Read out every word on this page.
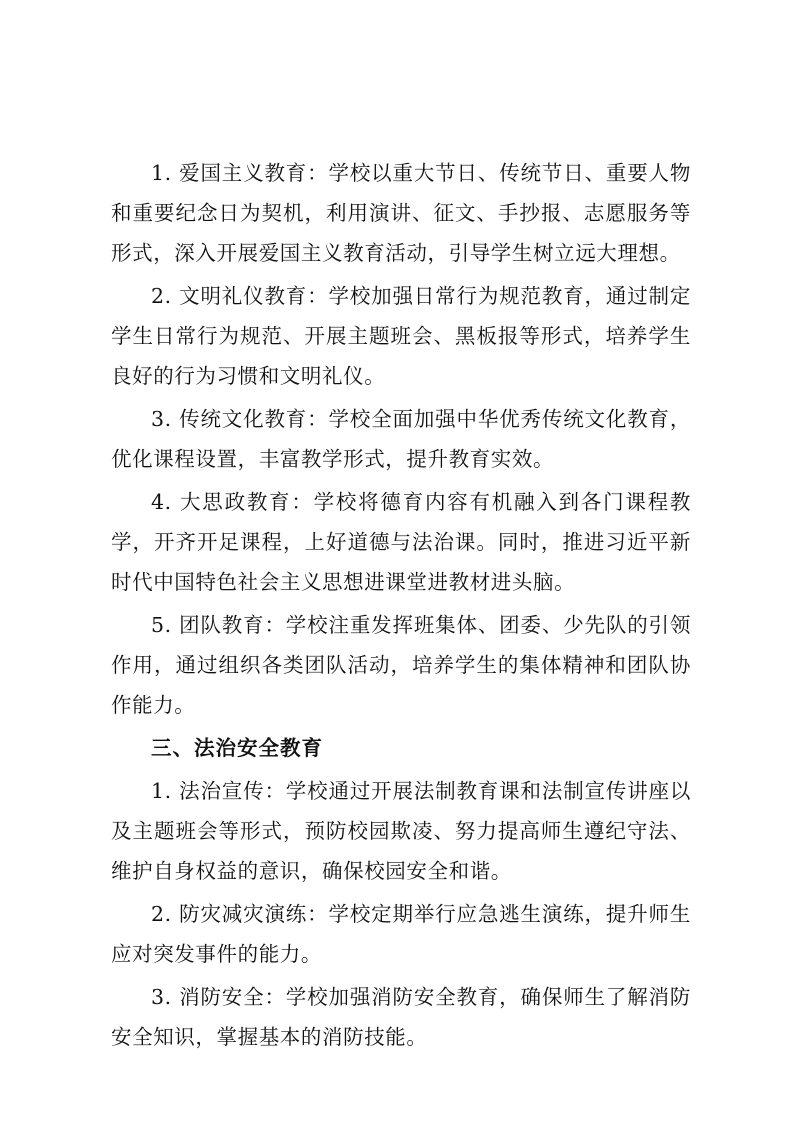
1. 爱国主义教育：学校以重大节日、传统节日、重要人物和重要纪念日为契机，利用演讲、征文、手抄报、志愿服务等形式，深入开展爱国主义教育活动，引导学生树立远大理想。

2. 文明礼仪教育：学校加强日常行为规范教育，通过制定学生日常行为规范、开展主题班会、黑板报等形式，培养学生良好的行为习惯和文明礼仪。

3. 传统文化教育：学校全面加强中华优秀传统文化教育，优化课程设置，丰富教学形式，提升教育实效。

4. 大思政教育：学校将德育内容有机融入到各门课程教学，开齐开足课程，上好道德与法治课。同时，推进习近平新时代中国特色社会主义思想进课堂进教材进头脑。

5. 团队教育：学校注重发挥班集体、团委、少先队的引领作用，通过组织各类团队活动，培养学生的集体精神和团队协作能力。

三、法治安全教育

1. 法治宣传：学校通过开展法制教育课和法制宣传讲座以及主题班会等形式，预防校园欺凌、努力提高师生遵纪守法、维护自身权益的意识，确保校园安全和谐。

2. 防灾减灾演练：学校定期举行应急逃生演练，提升师生应对突发事件的能力。

3. 消防安全：学校加强消防安全教育，确保师生了解消防安全知识，掌握基本的消防技能。
